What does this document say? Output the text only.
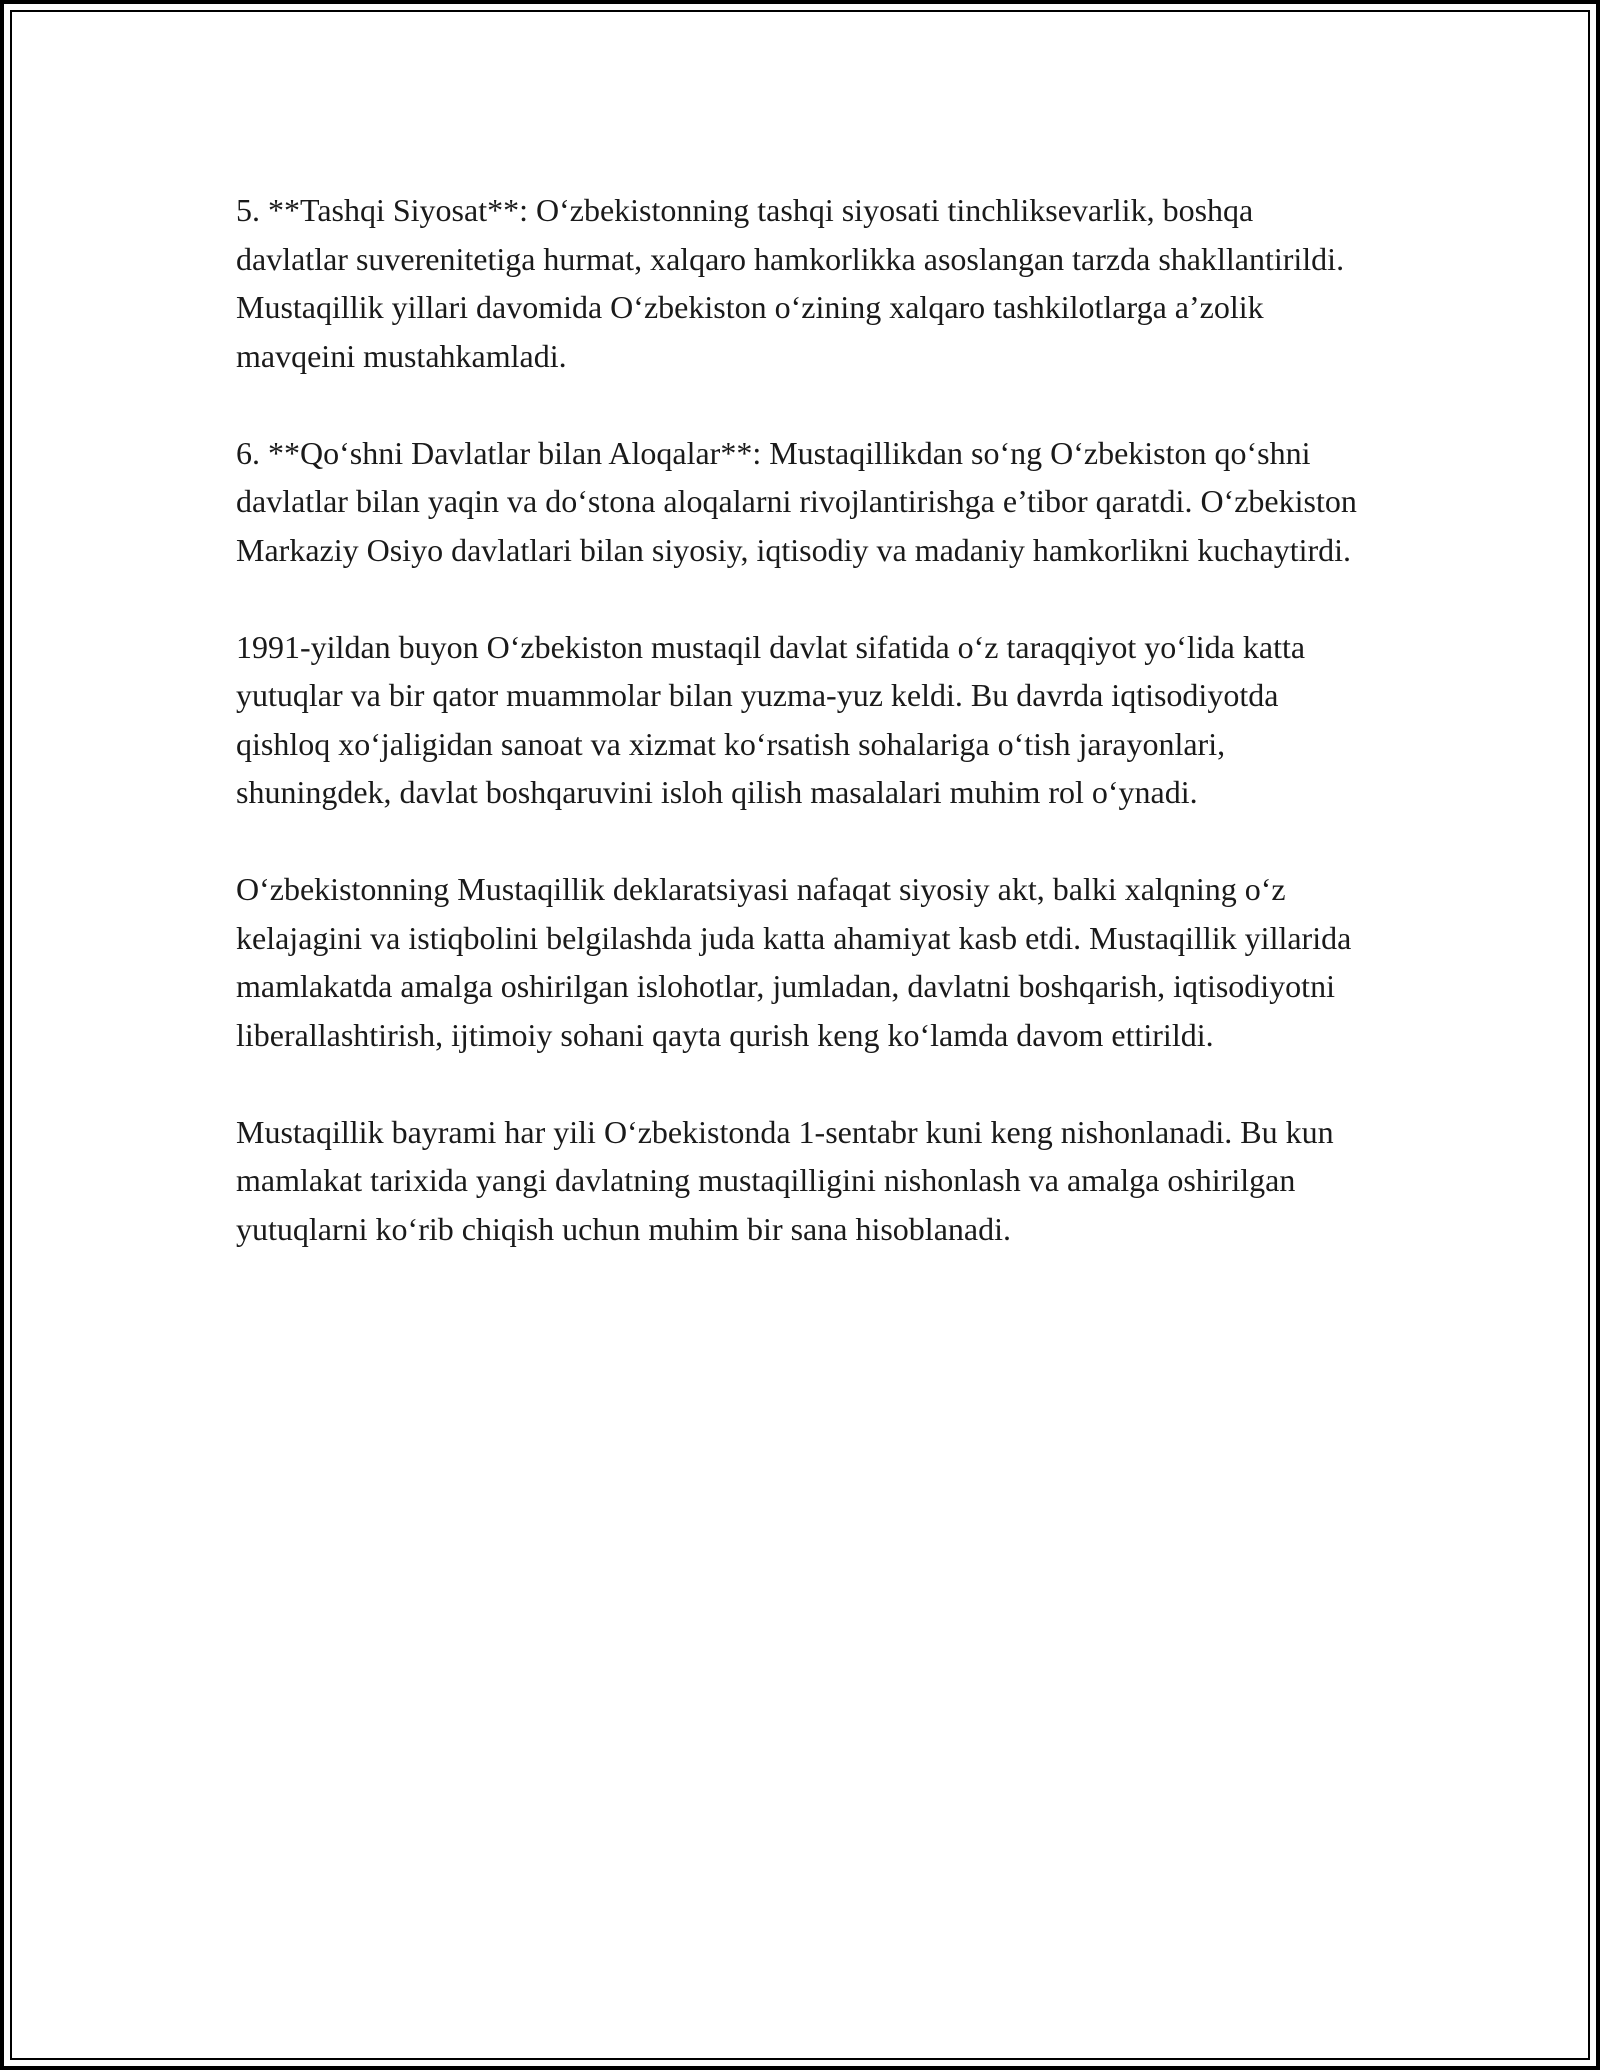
5. **Tashqi Siyosat**: O‘zbekistonning tashqi siyosati tinchliksevarlik, boshqa davlatlar suverenitetiga hurmat, xalqaro hamkorlikka asoslangan tarzda shakllantirildi. Mustaqillik yillari davomida O‘zbekiston o‘zining xalqaro tashkilotlarga a’zolik mavqeini mustahkamladi.

6. **Qo‘shni Davlatlar bilan Aloqalar**: Mustaqillikdan so‘ng O‘zbekiston qo‘shni davlatlar bilan yaqin va do‘stona aloqalarni rivojlantirishga e’tibor qaratdi. O‘zbekiston Markaziy Osiyo davlatlari bilan siyosiy, iqtisodiy va madaniy hamkorlikni kuchaytirdi.

1991-yildan buyon O‘zbekiston mustaqil davlat sifatida o‘z taraqqiyot yo‘lida katta yutuqlar va bir qator muammolar bilan yuzma-yuz keldi. Bu davrda iqtisodiyotda qishloq xo‘jaligidan sanoat va xizmat ko‘rsatish sohalariga o‘tish jarayonlari, shuningdek, davlat boshqaruvini isloh qilish masalalari muhim rol o‘ynadi.

O‘zbekistonning Mustaqillik deklaratsiyasi nafaqat siyosiy akt, balki xalqning o‘z kelajagini va istiqbolini belgilashda juda katta ahamiyat kasb etdi. Mustaqillik yillarida mamlakatda amalga oshirilgan islohotlar, jumladan, davlatni boshqarish, iqtisodiyotni liberallashtirish, ijtimoiy sohani qayta qurish keng ko‘lamda davom ettirildi.

Mustaqillik bayrami har yili O‘zbekistonda 1-sentabr kuni keng nishonlanadi. Bu kun mamlakat tarixida yangi davlatning mustaqilligini nishonlash va amalga oshirilgan yutuqlarni ko‘rib chiqish uchun muhim bir sana hisoblanadi.
